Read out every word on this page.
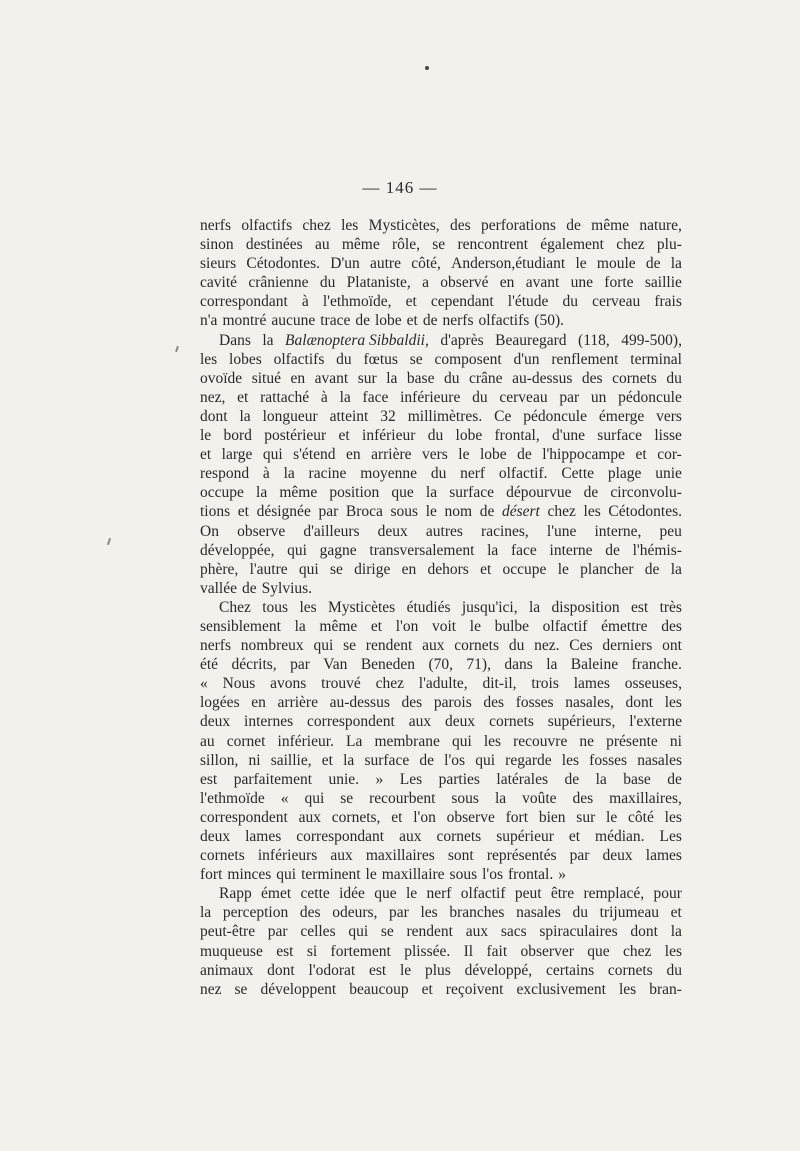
— 146 —
nerfs olfactifs chez les Mysticètes, des perforations de même nature,
sinon destinées au même rôle, se rencontrent également chez plu-
sieurs Cétodontes. D'un autre côté, Anderson,étudiant le moule de la
cavité crânienne du Plataniste, a observé en avant une forte saillie
correspondant à l'ethmoïde, et cependant l'étude du cerveau frais
n'a montré aucune trace de lobe et de nerfs olfactifs (50).
Dans la Balænoptera Sibbaldii, d'après Beauregard (118, 499-500),
les lobes olfactifs du fœtus se composent d'un renflement terminal
ovoïde situé en avant sur la base du crâne au-dessus des cornets du
nez, et rattaché à la face inférieure du cerveau par un pédoncule
dont la longueur atteint 32 millimètres. Ce pédoncule émerge vers
le bord postérieur et inférieur du lobe frontal, d'une surface lisse
et large qui s'étend en arrière vers le lobe de l'hippocampe et cor-
respond à la racine moyenne du nerf olfactif. Cette plage unie
occupe la même position que la surface dépourvue de circonvolu-
tions et désignée par Broca sous le nom de désert chez les Cétodontes.
On observe d'ailleurs deux autres racines, l'une interne, peu
développée, qui gagne transversalement la face interne de l'hémis-
phère, l'autre qui se dirige en dehors et occupe le plancher de la
vallée de Sylvius.
Chez tous les Mysticètes étudiés jusqu'ici, la disposition est très
sensiblement la même et l'on voit le bulbe olfactif émettre des
nerfs nombreux qui se rendent aux cornets du nez. Ces derniers ont
été décrits, par Van Beneden (70, 71), dans la Baleine franche.
« Nous avons trouvé chez l'adulte, dit-il, trois lames osseuses,
logées en arrière au-dessus des parois des fosses nasales, dont les
deux internes correspondent aux deux cornets supérieurs, l'externe
au cornet inférieur. La membrane qui les recouvre ne présente ni
sillon, ni saillie, et la surface de l'os qui regarde les fosses nasales
est parfaitement unie. » Les parties latérales de la base de
l'ethmoïde « qui se recourbent sous la voûte des maxillaires,
correspondent aux cornets, et l'on observe fort bien sur le côté les
deux lames correspondant aux cornets supérieur et médian. Les
cornets inférieurs aux maxillaires sont représentés par deux lames
fort minces qui terminent le maxillaire sous l'os frontal. »
Rapp émet cette idée que le nerf olfactif peut être remplacé, pour
la perception des odeurs, par les branches nasales du trijumeau et
peut-être par celles qui se rendent aux sacs spiraculaires dont la
muqueuse est si fortement plissée. Il fait observer que chez les
animaux dont l'odorat est le plus développé, certains cornets du
nez se développent beaucoup et reçoivent exclusivement les bran-
